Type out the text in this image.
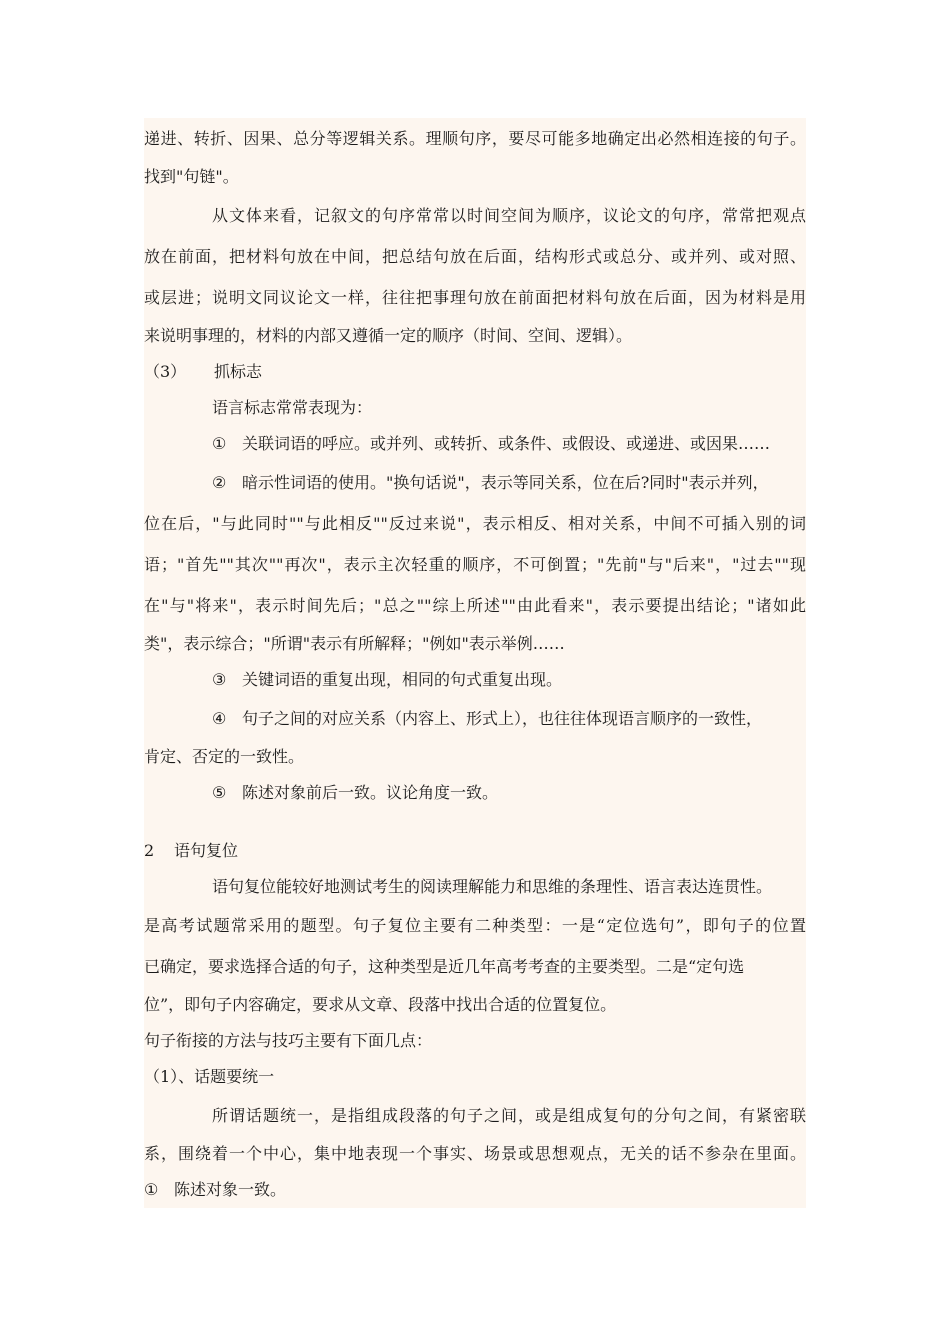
递进、转折、因果、总分等逻辑关系。理顺句序，要尽可能多地确定出必然相连接的句子。
找到"句链"。
从文体来看，记叙文的句序常常以时间空间为顺序，议论文的句序，常常把观点
放在前面，把材料句放在中间，把总结句放在后面，结构形式或总分、或并列、或对照、
或层进；说明文同议论文一样，往往把事理句放在前面把材料句放在后面，因为材料是用
来说明事理的，材料的内部又遵循一定的顺序（时间、空间、逻辑）。
（3） 抓标志
语言标志常常表现为：
① 关联词语的呼应。或并列、或转折、或条件、或假设、或递进、或因果……
② 暗示性词语的使用。"换句话说"，表示等同关系，位在后?同时"表示并列，
位在后，"与此同时""与此相反""反过来说"，表示相反、相对关系，中间不可插入别的词
语；"首先""其次""再次"，表示主次轻重的顺序，不可倒置；"先前"与"后来"，"过去""现
在"与"将来"，表示时间先后；"总之""综上所述""由此看来"，表示要提出结论；"诸如此
类"，表示综合；"所谓"表示有所解释；"例如"表示举例……
③ 关键词语的重复出现，相同的句式重复出现。
④ 句子之间的对应关系（内容上、形式上），也往往体现语言顺序的一致性，
肯定、否定的一致性。
⑤ 陈述对象前后一致。议论角度一致。
2 语句复位
语句复位能较好地测试考生的阅读理解能力和思维的条理性、语言表达连贯性。
是高考试题常采用的题型。句子复位主要有二种类型：一是“定位选句”，即句子的位置
已确定，要求选择合适的句子，这种类型是近几年高考考查的主要类型。二是“定句选
位”，即句子内容确定，要求从文章、段落中找出合适的位置复位。
句子衔接的方法与技巧主要有下面几点：
（1）、话题要统一
所谓话题统一，是指组成段落的句子之间，或是组成复句的分句之间，有紧密联
系，围绕着一个中心，集中地表现一个事实、场景或思想观点，无关的话不参杂在里面。
① 陈述对象一致。
